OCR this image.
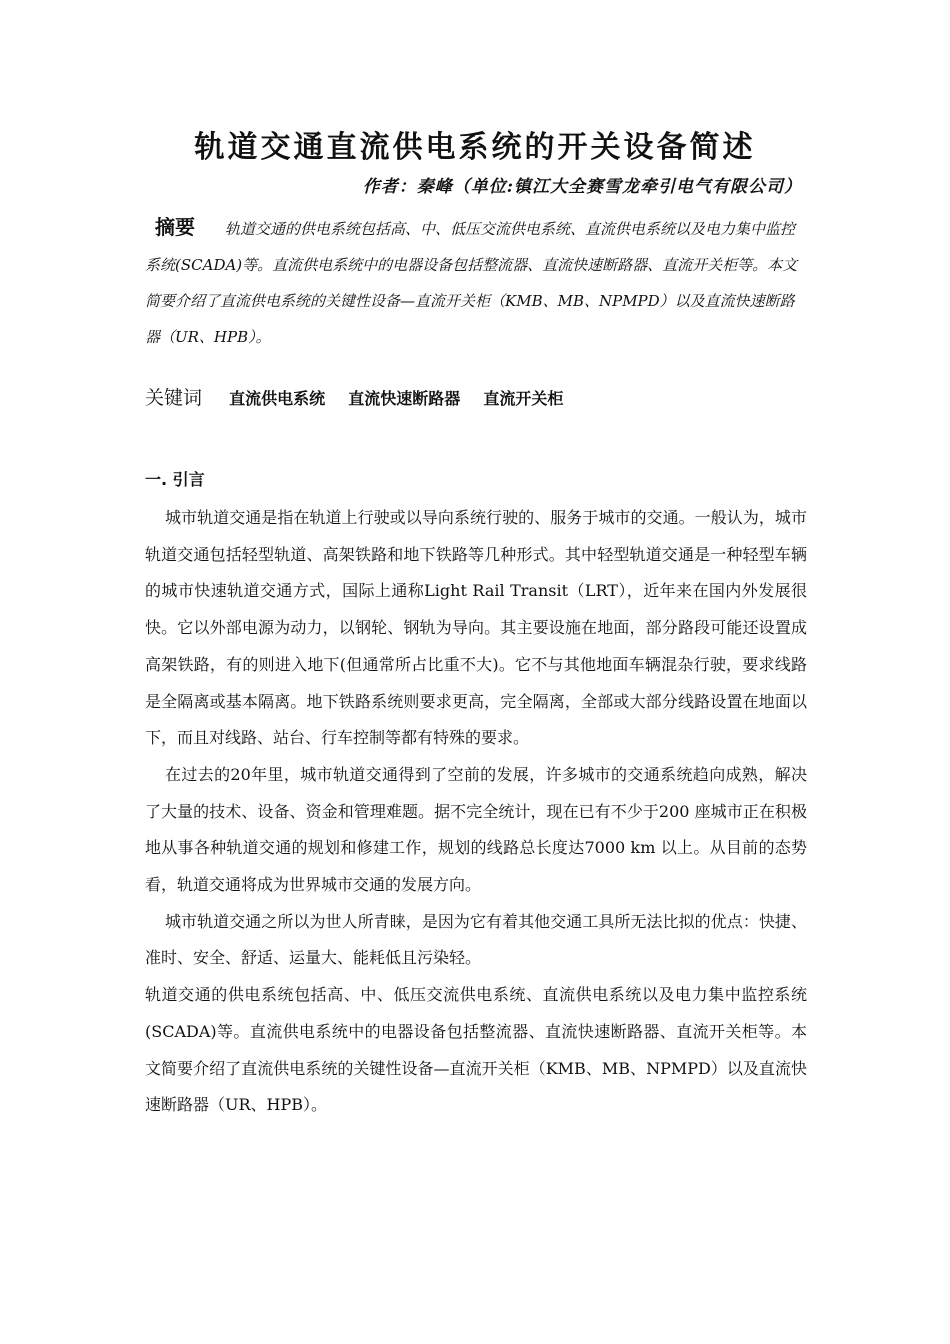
轨道交通直流供电系统的开关设备简述
作者：秦峰（单位:镇江大全赛雪龙牵引电气有限公司）
摘要 轨道交通的供电系统包括高、中、低压交流供电系统、直流供电系统以及电力集中监控系统(SCADA)等。直流供电系统中的电器设备包括整流器、直流快速断路器、直流开关柜等。本文简要介绍了直流供电系统的关键性设备—直流开关柜（KMB、MB、NPMPD）以及直流快速断路器（UR、HPB）。
关键词 直流供电系统 直流快速断路器 直流开关柜
一. 引言

城市轨道交通是指在轨道上行驶或以导向系统行驶的、服务于城市的交通。一般认为，城市轨道交通包括轻型轨道、高架铁路和地下铁路等几种形式。其中轻型轨道交通是一种轻型车辆的城市快速轨道交通方式，国际上通称Light Rail Transit（LRT），近年来在国内外发展很快。它以外部电源为动力，以钢轮、钢轨为导向。其主要设施在地面，部分路段可能还设置成高架铁路，有的则进入地下(但通常所占比重不大)。它不与其他地面车辆混杂行驶，要求线路是全隔离或基本隔离。地下铁路系统则要求更高，完全隔离，全部或大部分线路设置在地面以下，而且对线路、站台、行车控制等都有特殊的要求。

在过去的20年里，城市轨道交通得到了空前的发展，许多城市的交通系统趋向成熟，解决了大量的技术、设备、资金和管理难题。据不完全统计，现在已有不少于200 座城市正在积极地从事各种轨道交通的规划和修建工作，规划的线路总长度达7000 km 以上。从目前的态势看，轨道交通将成为世界城市交通的发展方向。

城市轨道交通之所以为世人所青睐，是因为它有着其他交通工具所无法比拟的优点：快捷、准时、安全、舒适、运量大、能耗低且污染轻。

轨道交通的供电系统包括高、中、低压交流供电系统、直流供电系统以及电力集中监控系统(SCADA)等。直流供电系统中的电器设备包括整流器、直流快速断路器、直流开关柜等。本文简要介绍了直流供电系统的关键性设备—直流开关柜（KMB、MB、NPMPD）以及直流快速断路器（UR、HPB）。
